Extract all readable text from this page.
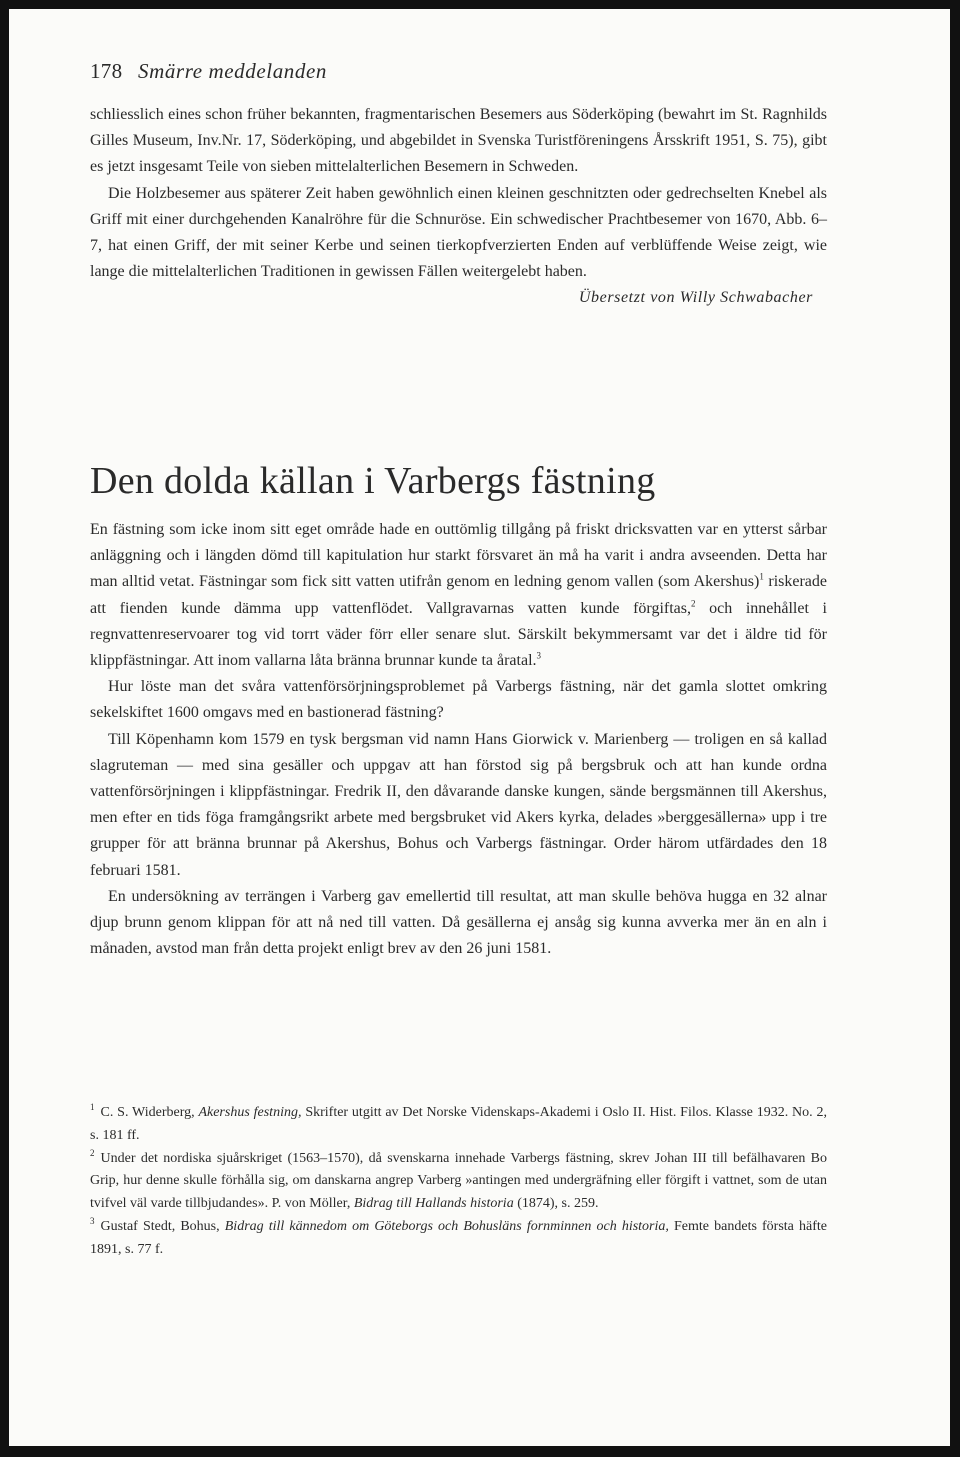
178 Smärre meddelanden

schliesslich eines schon früher bekannten, fragmentarischen Besemers aus Söderköping (bewahrt im St. Ragnhilds Gilles Museum, Inv.Nr. 17, Söderköping, und abgebildet in Svenska Turistföreningens Årsskrift 1951, S. 75), gibt es jetzt insgesamt Teile von sieben mittelalterlichen Besemern in Schweden.

Die Holzbesemer aus späterer Zeit haben gewöhnlich einen kleinen geschnitzten oder gedrechselten Knebel als Griff mit einer durchgehenden Kanalröhre für die Schnuröse. Ein schwedischer Prachtbesemer von 1670, Abb. 6–7, hat einen Griff, der mit seiner Kerbe und seinen tierkopfverzierten Enden auf verblüffende Weise zeigt, wie lange die mittelalterlichen Traditionen in gewissen Fällen weitergelebt haben.

Übersetzt von Willy Schwabacher

Den dolda källan i Varbergs fästning

En fästning som icke inom sitt eget område hade en outtömlig tillgång på friskt dricksvatten var en ytterst sårbar anläggning och i längden dömd till kapitulation hur starkt försvaret än må ha varit i andra avseenden. Detta har man alltid vetat. Fästningar som fick sitt vatten utifrån genom en ledning genom vallen (som Akershus)$^1$ riskerade att fienden kunde dämma upp vattenflödet. Vallgravarnas vatten kunde förgiftas,$^2$ och innehållet i regnvattenreservoarer tog vid torrt väder förr eller senare slut. Särskilt bekymmersamt var det i äldre tid för klippfästningar. Att inom vallarna låta bränna brunnar kunde ta åratal.$^3$

Hur löste man det svåra vattenförsörjningsproblemet på Varbergs fästning, när det gamla slottet omkring sekelskiftet 1600 omgavs med en bastionerad fästning?

Till Köpenhamn kom 1579 en tysk bergsman vid namn Hans Giorwick v. Marienberg — troligen en så kallad slagruteman — med sina gesäller och uppgav att han förstod sig på bergsbruk och att han kunde ordna vattenförsörjningen i klippfästningar. Fredrik II, den dåvarande danske kungen, sände bergsmännen till Akershus, men efter en tids föga framgångsrikt arbete med bergsbruket vid Akers kyrka, delades »berggesällerna» upp i tre grupper för att bränna brunnar på Akershus, Bohus och Varbergs fästningar. Order härom utfärdades den 18 februari 1581.

En undersökning av terrängen i Varberg gav emellertid till resultat, att man skulle behöva hugga en 32 alnar djup brunn genom klippan för att nå ned till vatten. Då gesällerna ej ansåg sig kunna avverka mer än en aln i månaden, avstod man från detta projekt enligt brev av den 26 juni 1581.

$^1$ C. S. Widerberg, Akershus festning, Skrifter utgitt av Det Norske Videnskaps-Akademi i Oslo II. Hist. Filos. Klasse 1932. No. 2, s. 181 ff.

$^2$ Under det nordiska sjuårskriget (1563–1570), då svenskarna innehade Varbergs fästning, skrev Johan III till befälhavaren Bo Grip, hur denne skulle förhålla sig, om danskarna angrep Varberg »antingen med undergräfning eller förgift i vattnet, som de utan tvifvel väl varde tillbjudandes». P. von Möller, Bidrag till Hallands historia (1874), s. 259.

$^3$ Gustaf Stedt, Bohus, Bidrag till kännedom om Göteborgs och Bohusläns fornminnen och historia, Femte bandets första häfte 1891, s. 77 f.
